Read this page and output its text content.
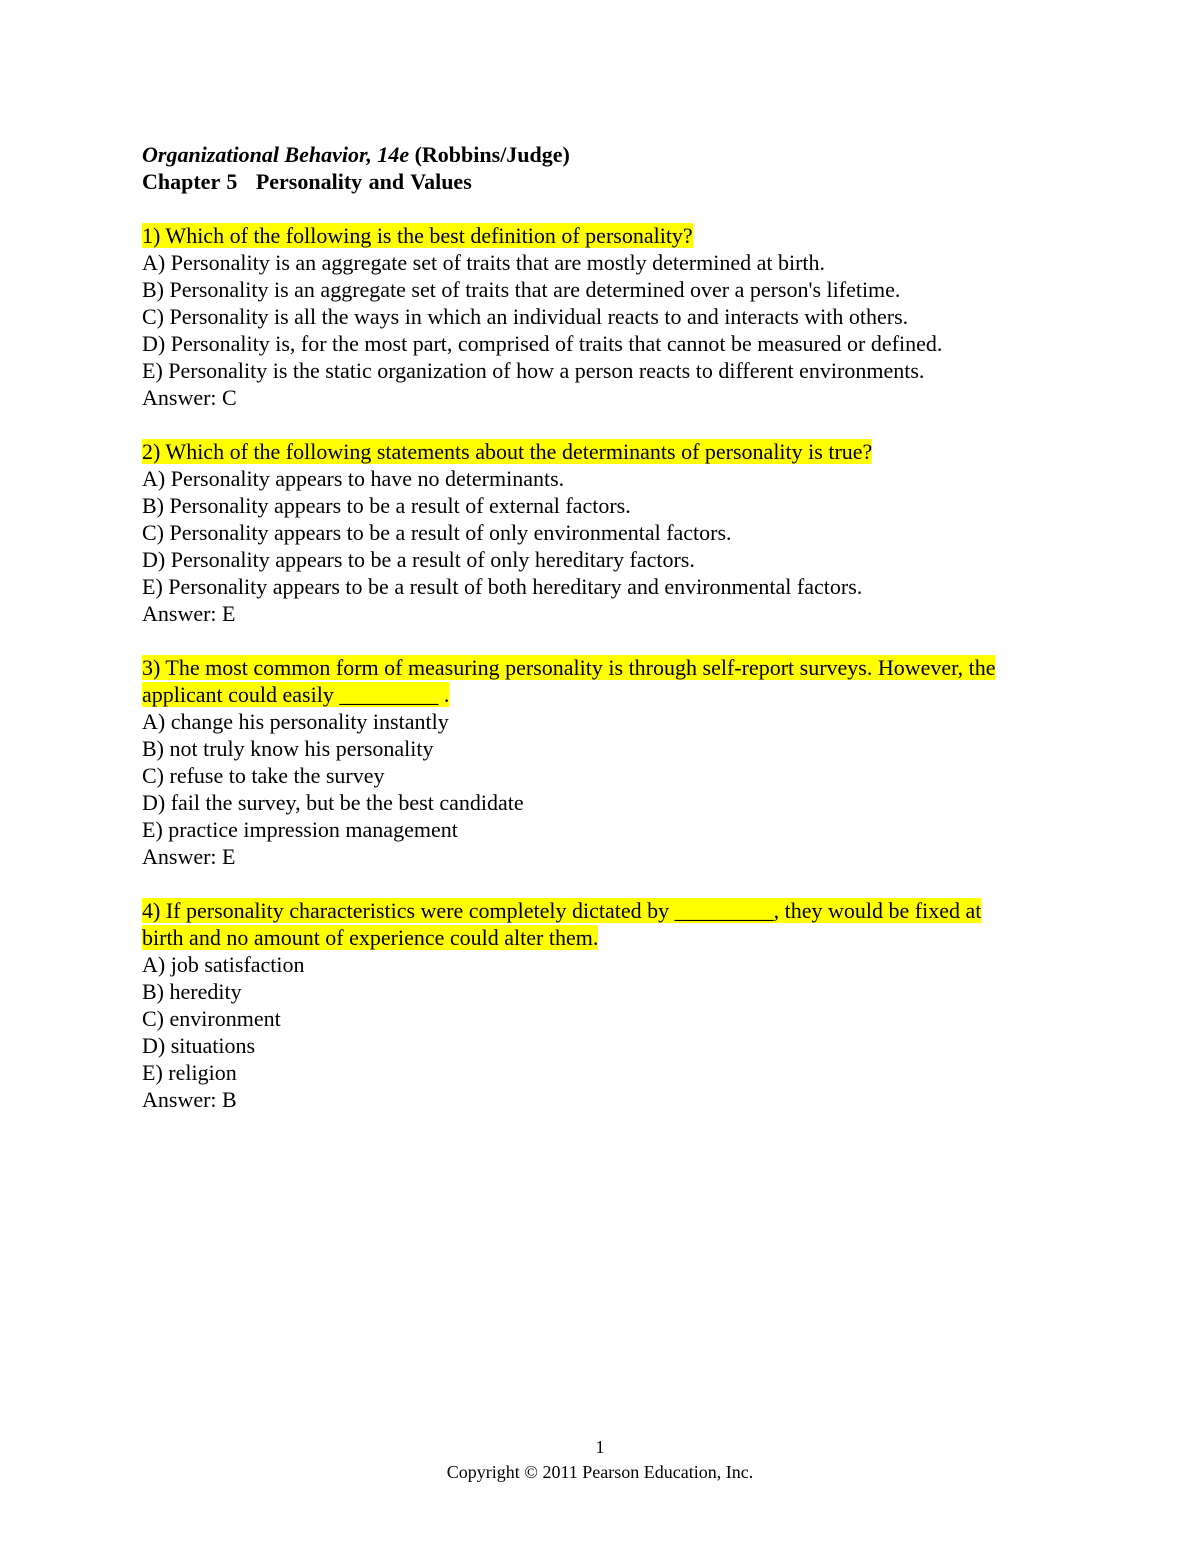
Organizational Behavior, 14e (Robbins/Judge)

Chapter 5 Personality and Values

1) Which of the following is the best definition of personality?

A) Personality is an aggregate set of traits that are mostly determined at birth.

B) Personality is an aggregate set of traits that are determined over a person's lifetime.

C) Personality is all the ways in which an individual reacts to and interacts with others.

D) Personality is, for the most part, comprised of traits that cannot be measured or defined.

E) Personality is the static organization of how a person reacts to different environments.

Answer: C

2) Which of the following statements about the determinants of personality is true?

A) Personality appears to have no determinants.

B) Personality appears to be a result of external factors.

C) Personality appears to be a result of only environmental factors.

D) Personality appears to be a result of only hereditary factors.

E) Personality appears to be a result of both hereditary and environmental factors.

Answer: E

3) The most common form of measuring personality is through self-report surveys. However, the

applicant could easily _________ .

A) change his personality instantly

B) not truly know his personality

C) refuse to take the survey

D) fail the survey, but be the best candidate

E) practice impression management

Answer: E

4) If personality characteristics were completely dictated by _________, they would be fixed at

birth and no amount of experience could alter them.

A) job satisfaction

B) heredity

C) environment

D) situations

E) religion

Answer: B

1
Copyright © 2011 Pearson Education, Inc.
